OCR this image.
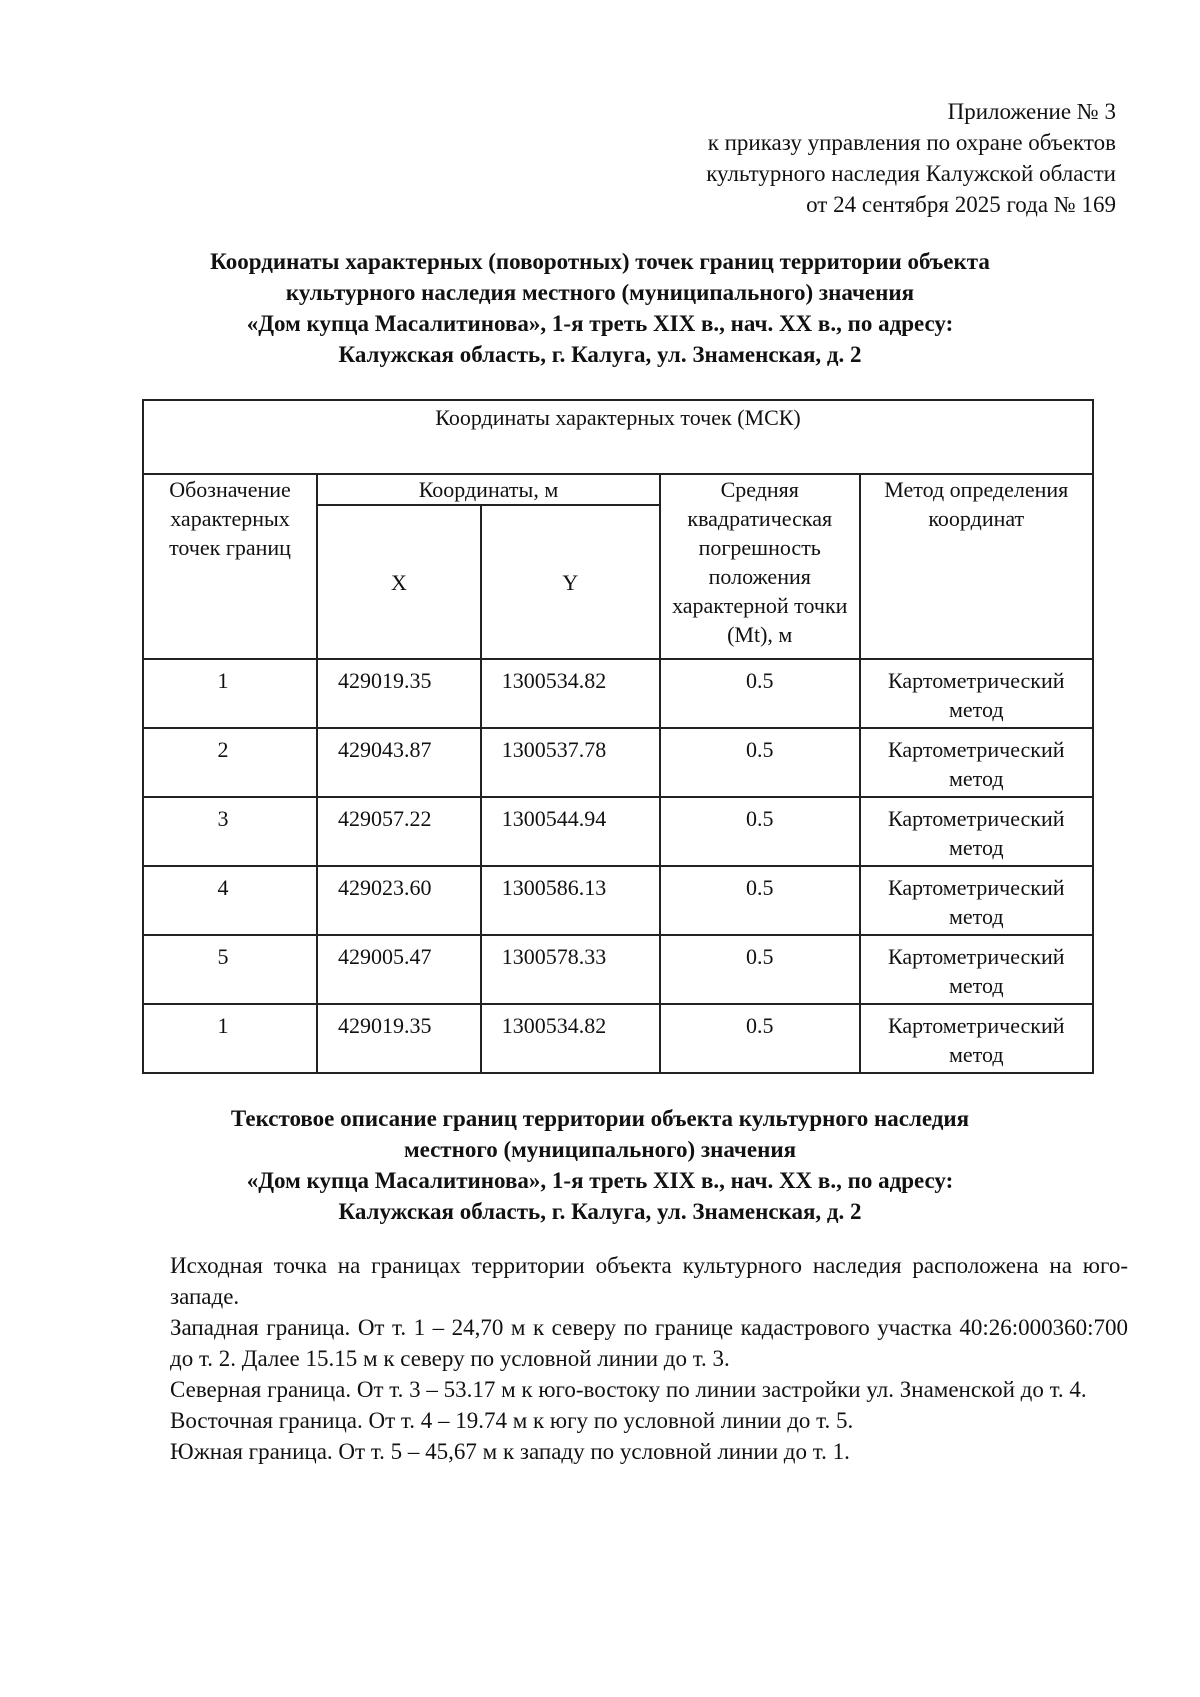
Приложение № 3
к приказу управления по охране объектов
культурного наследия Калужской области
от 24 сентября 2025 года № 169
Координаты характерных (поворотных) точек границ территории объекта
культурного наследия местного (муниципального) значения
«Дом купца Масалитинова», 1-я треть XIX в., нач. XX в., по адресу:
Калужская область, г. Калуга, ул. Знаменская, д. 2
Координаты характерных точек (МСК)				
Обозначение характерных точек границ	Координаты, м		Средняя квадратическая погрешность положения характерной точки (Mt), м	Метод определения координат
	X	Y		
1	429019.35	1300534.82	0.5	Картометрический метод
2	429043.87	1300537.78	0.5	Картометрический метод
3	429057.22	1300544.94	0.5	Картометрический метод
4	429023.60	1300586.13	0.5	Картометрический метод
5	429005.47	1300578.33	0.5	Картометрический метод
1	429019.35	1300534.82	0.5	Картометрический метод
Текстовое описание границ территории объекта культурного наследия
местного (муниципального) значения
«Дом купца Масалитинова», 1-я треть XIX в., нач. XX в., по адресу:
Калужская область, г. Калуга, ул. Знаменская, д. 2

Исходная точка на границах территории объекта культурного наследия расположена на юго-западе.

Западная граница. От т. 1 – 24,70 м к северу по границе кадастрового участка 40:26:000360:700 до т. 2. Далее 15.15 м к северу по условной линии до т. 3.

Северная граница. От т. 3 – 53.17 м к юго-востоку по линии застройки ул. Знаменской до т. 4.

Восточная граница. От т. 4 – 19.74 м к югу по условной линии до т. 5.

Южная граница. От т. 5 – 45,67 м к западу по условной линии до т. 1.
